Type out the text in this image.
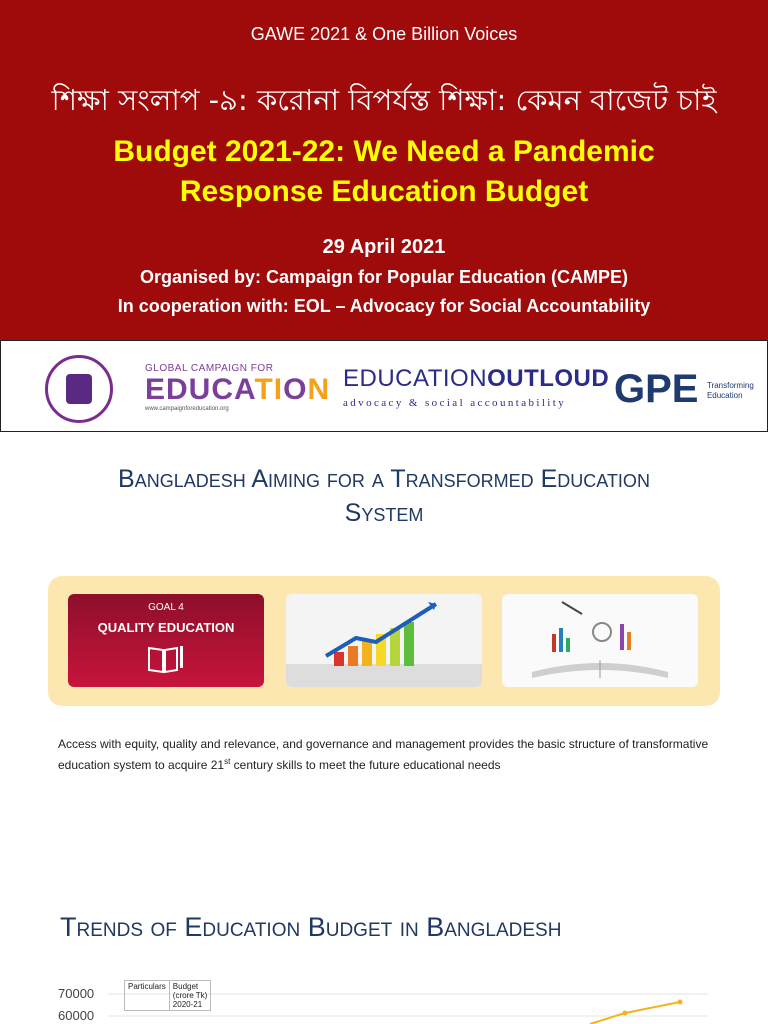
GAWE 2021 & One Billion Voices
শিক্ষা সংলাপ -৯: করোনা বিপর্যস্ত শিক্ষা: কেমন বাজেট চাই
Budget 2021-22: We Need a Pandemic
Response Education Budget
29 April 2021
Organised by: Campaign for Popular Education (CAMPE)
In cooperation with: EOL – Advocacy for Social Accountability
GLOBAL CAMPAIGN FOR
EDUCATION
www.campaignforeducation.org
EDUCATIONOUTLOUD
advocacy & social accountability	GPE Transforming
Education
Bangladesh Aiming for a Transformed Education
System
GOAL 4
QUALITY EDUCATION
Access with equity, quality and relevance, and governance and management provides the basic structure of transformative education system to acquire 21st century skills to meet the future educational needs
Trends of Education Budget in Bangladesh
70000
60000
Particulars	Budget
(crore Tk)
2020-21
